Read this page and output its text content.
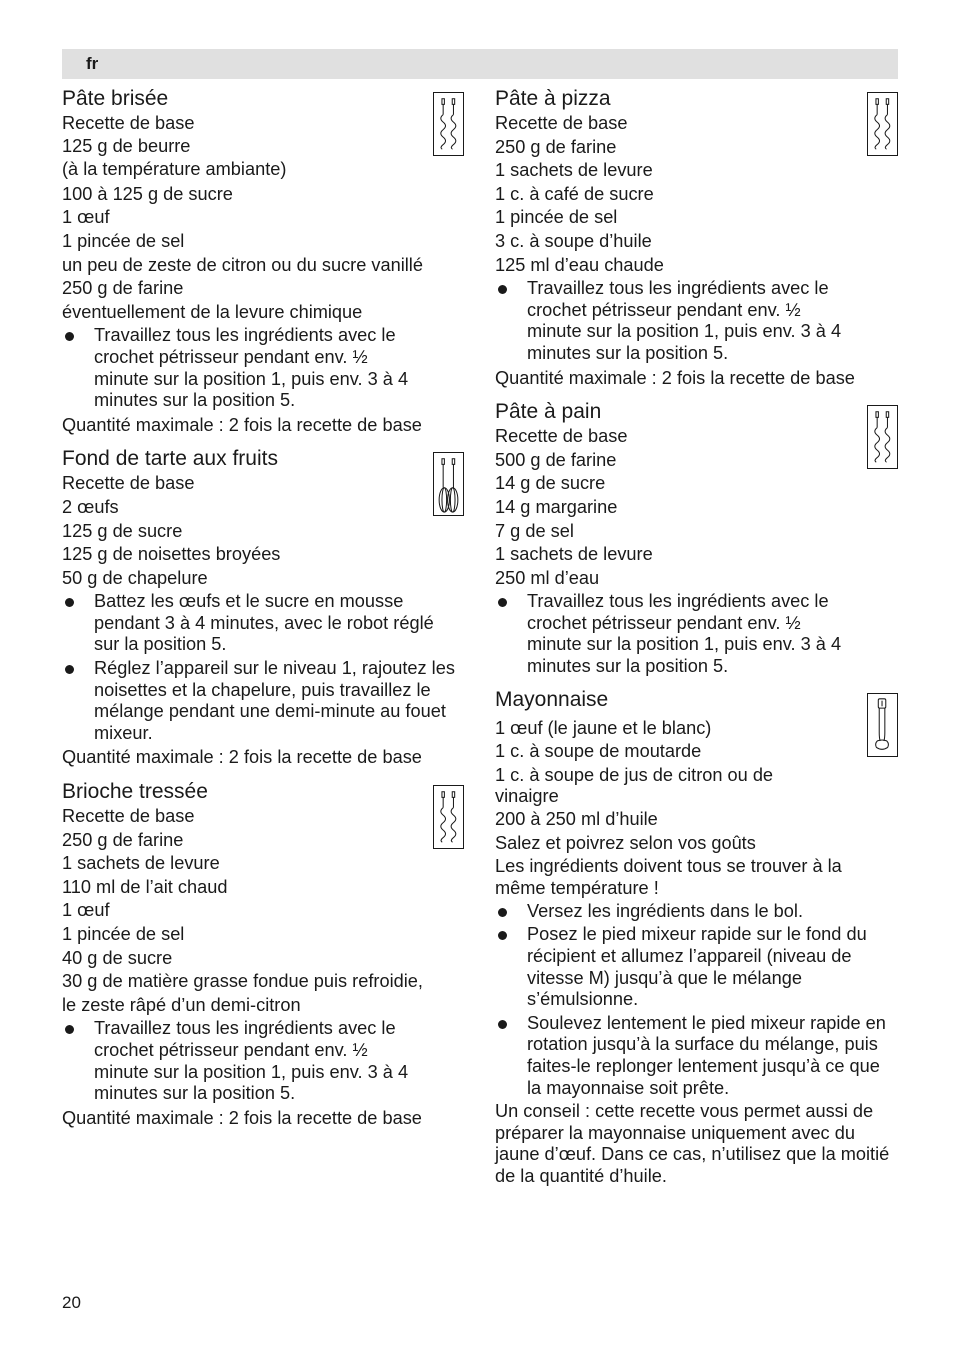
fr
Pâte brisée
Recette de base
125 g de beurre
(à la température ambiante)
100 à 125 g de sucre
1 œuf
1 pincée de sel
un peu de zeste de citron ou du sucre vanillé
250 g de farine
éventuellement de la levure chimique
Travaillez tous les ingrédients avec le crochet pétrisseur pendant env. ½ minute sur la position 1, puis env. 3 à 4 minutes sur la position 5.
Quantité maximale : 2 fois la recette de base
Fond de tarte aux fruits
Recette de base
2 œufs
125 g de sucre
125 g de noisettes broyées
50 g de chapelure
Battez les œufs et le sucre en mousse pendant 3 à 4 minutes, avec le robot réglé sur la position 5.
Réglez l’appareil sur le niveau 1, rajoutez les noisettes et la chapelure, puis travaillez le mélange pendant une demi-minute au fouet mixeur.
Quantité maximale : 2 fois la recette de base
Brioche tressée
Recette de base
250 g de farine
1 sachets de levure
110 ml de l’ait chaud
1 œuf
1 pincée de sel
40 g de sucre
30 g de matière grasse fondue puis refroidie,
le zeste râpé d’un demi-citron
Travaillez tous les ingrédients avec le crochet pétrisseur pendant env. ½ minute sur la position 1, puis env. 3 à 4 minutes sur la position 5.
Quantité maximale : 2 fois la recette de base
Pâte à pizza
Recette de base
250 g de farine
1 sachets de levure
1 c. à café de sucre
1 pincée de sel
3 c. à soupe d’huile
125 ml d’eau chaude
Travaillez tous les ingrédients avec le crochet pétrisseur pendant env. ½ minute sur la position 1, puis env. 3 à 4 minutes sur la position 5.
Quantité maximale : 2 fois la recette de base
Pâte à pain
Recette de base
500 g de farine
14 g de sucre
14 g margarine
7 g de sel
1 sachets de levure
250 ml d’eau
Travaillez tous les ingrédients avec le crochet pétrisseur pendant env. ½ minute sur la position 1, puis env. 3 à 4 minutes sur la position 5.
Mayonnaise
1 œuf (le jaune et le blanc)
1 c. à soupe de moutarde
1 c. à soupe de jus de citron ou de vinaigre
200 à 250 ml d’huile
Salez et poivrez selon vos goûts
Les ingrédients doivent tous se trouver à la même température !
Versez les ingrédients dans le bol.
Posez le pied mixeur rapide sur le fond du récipient et allumez l’appareil (niveau de vitesse M) jusqu’à que le mélange s’émulsionne.
Soulevez lentement le pied mixeur rapide en rotation jusqu’à la surface du mélange, puis faites-le replonger lentement jusqu’à ce que la mayonnaise soit prête.
Un conseil : cette recette vous permet aussi de préparer la mayonnaise uniquement avec du jaune d’œuf. Dans ce cas, n’utilisez que la moitié de la quantité d’huile.
20
